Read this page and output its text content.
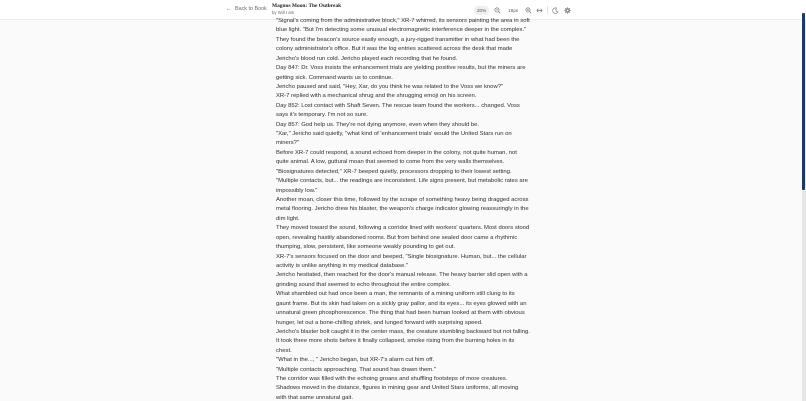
← Back to Book Magnus Moon: The Outbreak
by Will I am	20%	16px

"Signal's coming from the administrative block," XR-7 whirred, its sensors painting the area in soft blue light. "But I'm detecting some unusual electromagnetic interference deeper in the complex."

They found the beacon's source easily enough, a jury-rigged transmitter in what had been the colony administrator's office. But it was the log entries scattered across the desk that made Jericho's blood run cold. Jericho played each recording that he found.

Day 847: Dr. Voss insists the enhancement trials are yielding positive results, but the miners are getting sick. Command wants us to continue.

Jericho paused and said, "Hey, Xar, do you think he was related to the Voss we know?"

XR-7 replied with a mechanical shrug and the shrugging emoji on his screen.

Day 852: Lost contact with Shaft Seven. The rescue team found the workers... changed. Voss says it's temporary. I'm not so sure.

Day 857: God help us. They're not dying anymore, even when they should be.

"Xar," Jericho said quietly, "what kind of 'enhancement trials' would the United Stars run on miners?"

Before XR-7 could respond, a sound echoed from deeper in the colony, not quite human, not quite animal. A low, guttural moan that seemed to come from the very walls themselves.

"Biosignatures detected," XR-7 beeped quietly, processors dropping to their lowest setting. "Multiple contacts, but... the readings are inconsistent. Life signs present, but metabolic rates are impossibly low."

Another moan, closer this time, followed by the scrape of something heavy being dragged across metal flooring. Jericho drew his blaster, the weapon's charge indicator glowing reassuringly in the dim light.

They moved toward the sound, following a corridor lined with workers' quarters. Most doors stood open, revealing hastily abandoned rooms. But from behind one sealed door came a rhythmic thumping, slow, persistent, like someone weakly pounding to get out.

XR-7's sensors focused on the door and beeped, "Single biosignature. Human, but... the cellular activity is unlike anything in my medical database."

Jericho hesitated, then reached for the door's manual release. The heavy barrier slid open with a grinding sound that seemed to echo throughout the entire complex.

What shambled out had once been a man, the remnants of a mining uniform still clung to its gaunt frame. But its skin had taken on a sickly gray pallor, and its eyes... its eyes glowed with an unnatural green phosphorescence. The thing that had been human looked at them with obvious hunger, let out a bone-chilling shriek, and lunged forward with surprising speed.

Jericho's blaster bolt caught it in the center mass, the creature stumbling backward but not falling. It took three more shots before it finally collapsed, smoke rising from the burning holes in its chest.

"What in the..., " Jericho began, but XR-7's alarm cut him off.

"Multiple contacts approaching. That sound has drawn them."

The corridor was filled with the echoing groans and shuffling footsteps of more creatures. Shadows moved in the distance, figures in mining gear and United Stars uniforms, all moving with that same unnatural gait.
